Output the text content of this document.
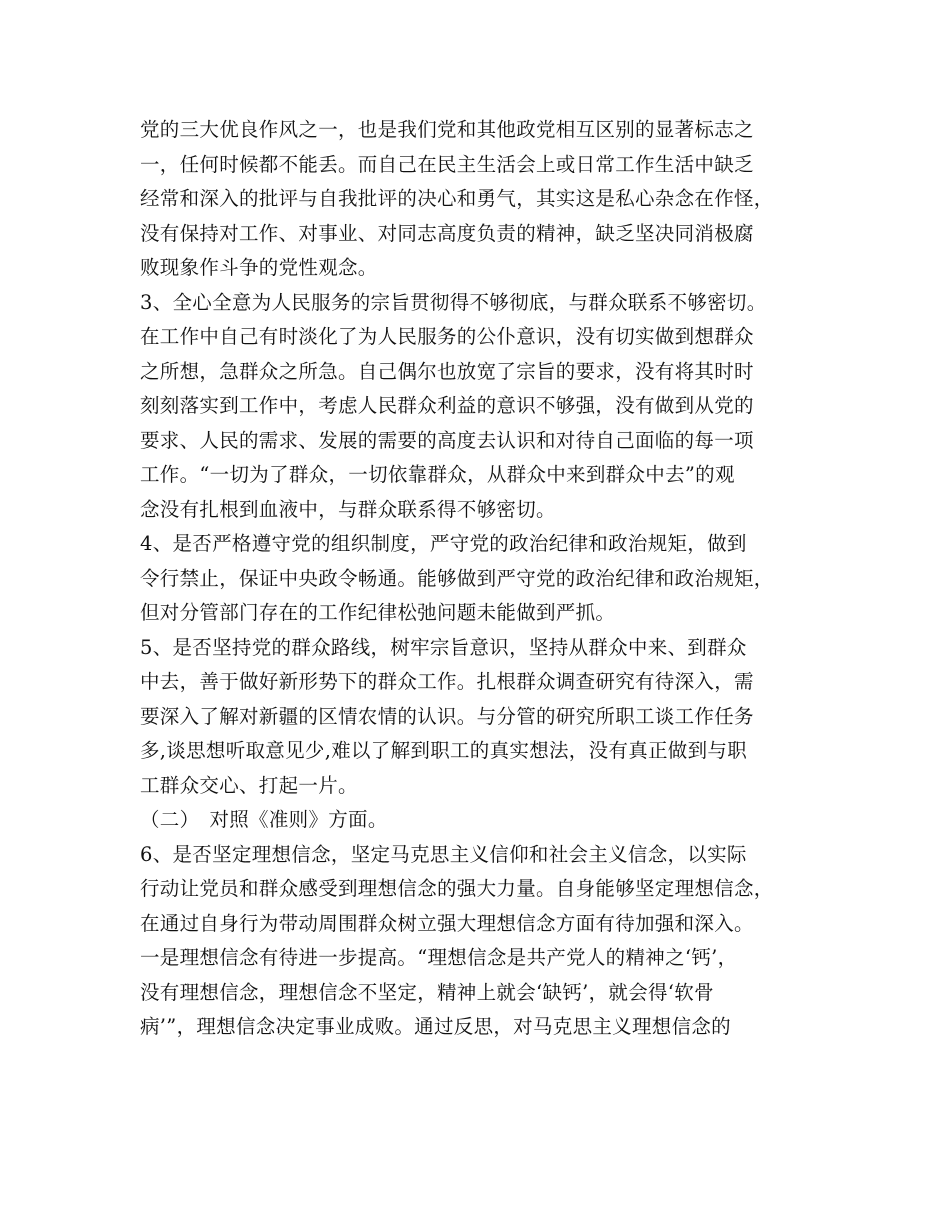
党的三大优良作风之一，也是我们党和其他政党相互区别的显著标志之
一，任何时候都不能丢。而自己在民主生活会上或日常工作生活中缺乏
经常和深入的批评与自我批评的决心和勇气，其实这是私心杂念在作怪，
没有保持对工作、对事业、对同志高度负责的精神，缺乏坚决同消极腐
败现象作斗争的党性观念。
3、全心全意为人民服务的宗旨贯彻得不够彻底，与群众联系不够密切。
在工作中自己有时淡化了为人民服务的公仆意识，没有切实做到想群众
之所想，急群众之所急。自己偶尔也放宽了宗旨的要求，没有将其时时
刻刻落实到工作中，考虑人民群众利益的意识不够强，没有做到从党的
要求、人民的需求、发展的需要的高度去认识和对待自己面临的每一项
工作。“一切为了群众，一切依靠群众，从群众中来到群众中去”的观
念没有扎根到血液中，与群众联系得不够密切。
4、是否严格遵守党的组织制度，严守党的政治纪律和政治规矩，做到
令行禁止，保证中央政令畅通。能够做到严守党的政治纪律和政治规矩，
但对分管部门存在的工作纪律松弛问题未能做到严抓。
5、是否坚持党的群众路线，树牢宗旨意识，坚持从群众中来、到群众
中去，善于做好新形势下的群众工作。扎根群众调查研究有待深入，需
要深入了解对新疆的区情农情的认识。与分管的研究所职工谈工作任务
多,谈思想听取意见少,难以了解到职工的真实想法，没有真正做到与职
工群众交心、打起一片。
（二）　对照《准则》方面。
6、是否坚定理想信念，坚定马克思主义信仰和社会主义信念，以实际
行动让党员和群众感受到理想信念的强大力量。自身能够坚定理想信念，
在通过自身行为带动周围群众树立强大理想信念方面有待加强和深入。
一是理想信念有待进一步提高。“理想信念是共产党人的精神之‘钙’，
没有理想信念，理想信念不坚定，精神上就会‘缺钙’，就会得‘软骨
病’”，理想信念决定事业成败。通过反思，对马克思主义理想信念的
